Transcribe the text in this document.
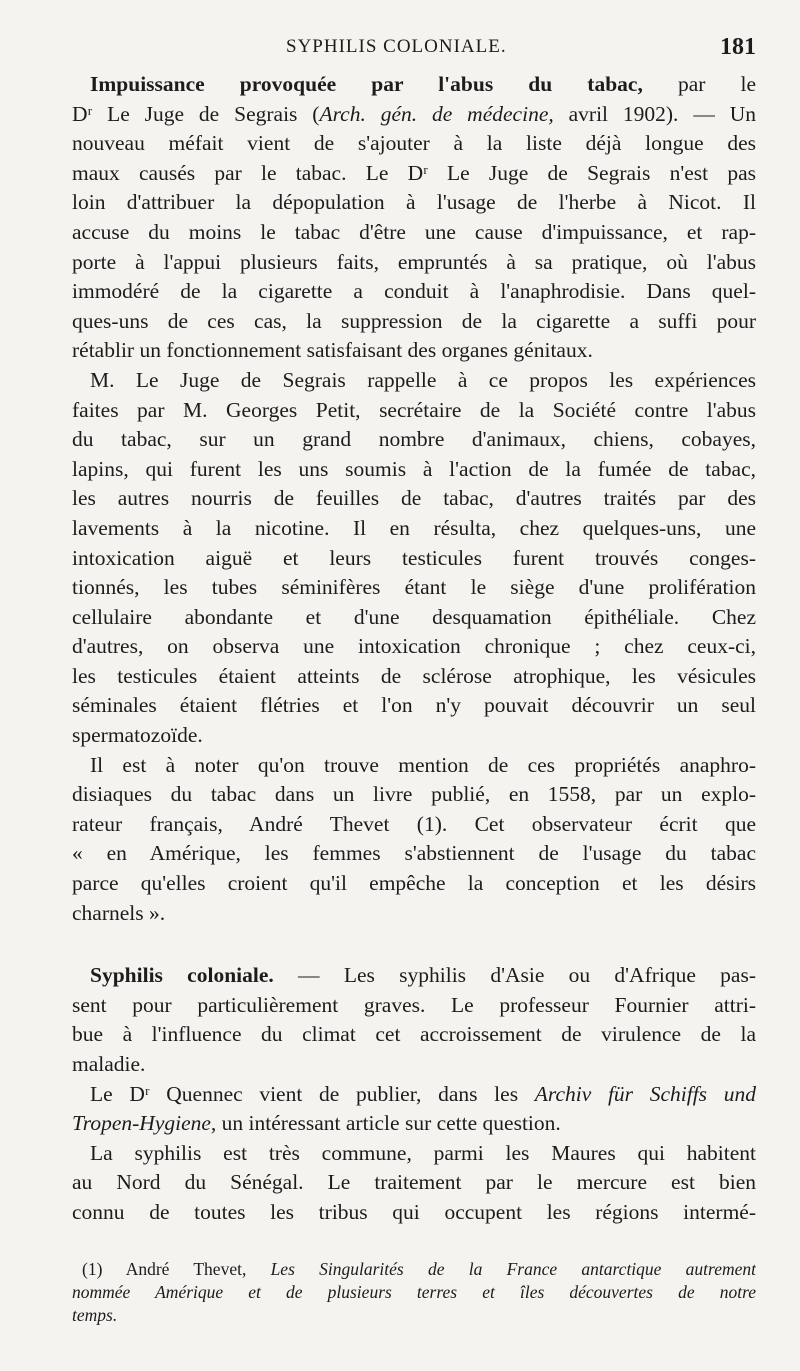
SYPHILIS COLONIALE.	181
Impuissance provoquée par l'abus du tabac, par le
Dʳ Le Juge de Segrais (Arch. gén. de médecine, avril 1902). — Un
nouveau méfait vient de s'ajouter à la liste déjà longue des
maux causés par le tabac. Le Dʳ Le Juge de Segrais n'est pas
loin d'attribuer la dépopulation à l'usage de l'herbe à Nicot. Il
accuse du moins le tabac d'être une cause d'impuissance, et rap-
porte à l'appui plusieurs faits, empruntés à sa pratique, où l'abus
immodéré de la cigarette a conduit à l'anaphrodisie. Dans quel-
ques-uns de ces cas, la suppression de la cigarette a suffi pour
rétablir un fonctionnement satisfaisant des organes génitaux.
M. Le Juge de Segrais rappelle à ce propos les expériences
faites par M. Georges Petit, secrétaire de la Société contre l'abus
du tabac, sur un grand nombre d'animaux, chiens, cobayes,
lapins, qui furent les uns soumis à l'action de la fumée de tabac,
les autres nourris de feuilles de tabac, d'autres traités par des
lavements à la nicotine. Il en résulta, chez quelques-uns, une
intoxication aiguë et leurs testicules furent trouvés conges-
tionnés, les tubes séminifères étant le siège d'une prolifération
cellulaire abondante et d'une desquamation épithéliale. Chez
d'autres, on observa une intoxication chronique ; chez ceux-ci,
les testicules étaient atteints de sclérose atrophique, les vésicules
séminales étaient flétries et l'on n'y pouvait découvrir un seul
spermatozoïde.
Il est à noter qu'on trouve mention de ces propriétés anaphro-
disiaques du tabac dans un livre publié, en 1558, par un explo-
rateur français, André Thevet (1). Cet observateur écrit que
« en Amérique, les femmes s'abstiennent de l'usage du tabac
parce qu'elles croient qu'il empêche la conception et les désirs
charnels ».
Syphilis coloniale. — Les syphilis d'Asie ou d'Afrique pas-
sent pour particulièrement graves. Le professeur Fournier attri-
bue à l'influence du climat cet accroissement de virulence de la
maladie.
Le Dʳ Quennec vient de publier, dans les Archiv für Schiffs und
Tropen-Hygiene, un intéressant article sur cette question.
La syphilis est très commune, parmi les Maures qui habitent
au Nord du Sénégal. Le traitement par le mercure est bien
connu de toutes les tribus qui occupent les régions intermé-
(1) André Thevet, Les Singularités de la France antarctique autrement
nommée Amérique et de plusieurs terres et îles découvertes de notre
temps.
